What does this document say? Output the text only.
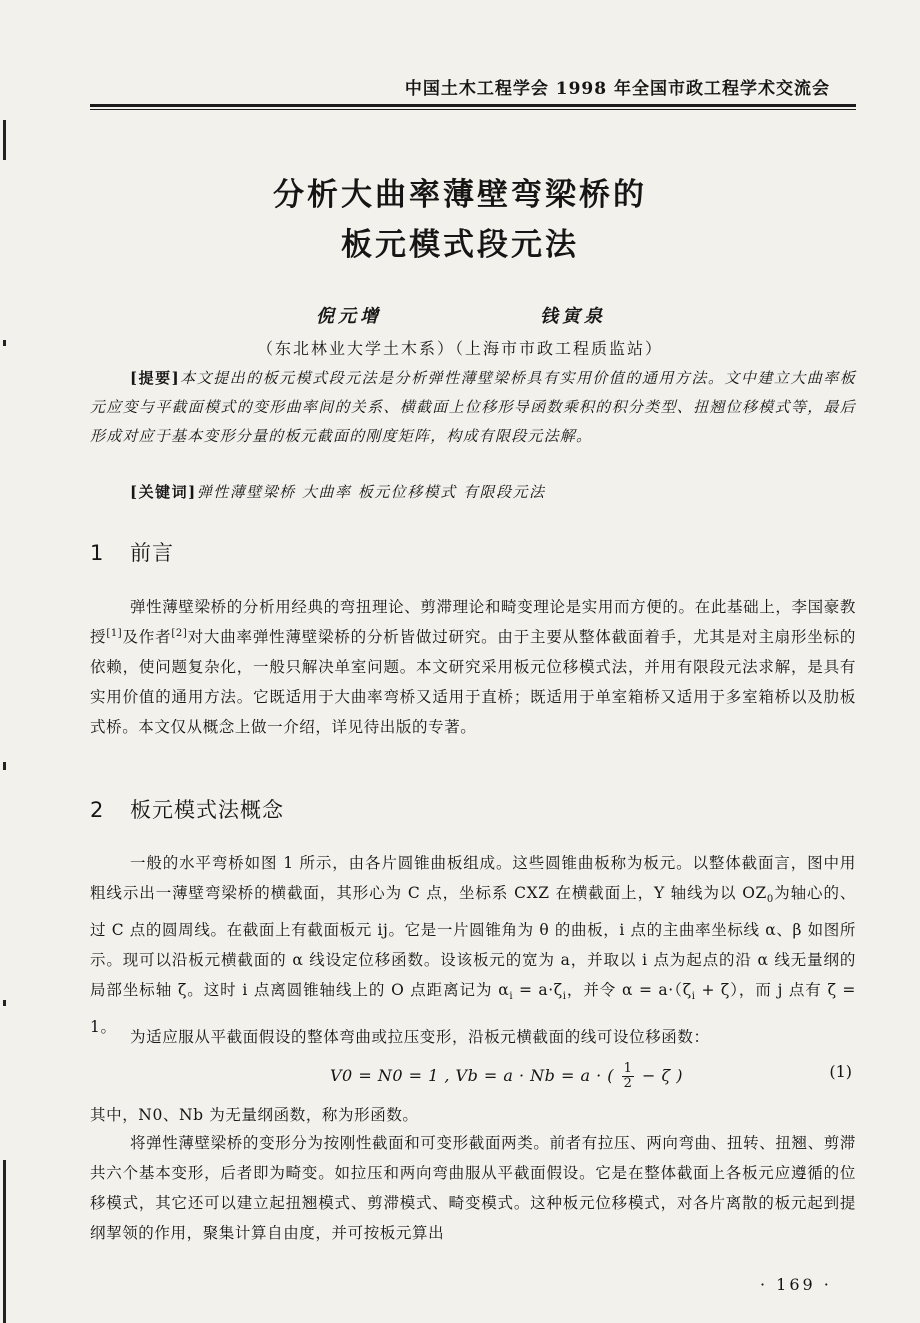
中国土木工程学会 1998 年全国市政工程学术交流会
分析大曲率薄壁弯梁桥的
板元模式段元法
倪元增	钱寅泉
（东北林业大学土木系）（上海市市政工程质监站）
[提要]本文提出的板元模式段元法是分析弹性薄壁梁桥具有实用价值的通用方法。文中建立大曲率板元应变与平截面模式的变形曲率间的关系、横截面上位移形导函数乘积的积分类型、扭翘位移模式等，最后形成对应于基本变形分量的板元截面的刚度矩阵，构成有限段元法解。
[关键词]弹性薄壁梁桥 大曲率 板元位移模式 有限段元法
1 前言
弹性薄壁梁桥的分析用经典的弯扭理论、剪滞理论和畸变理论是实用而方便的。在此基础上，李国豪教授[1]及作者[2]对大曲率弹性薄壁梁桥的分析皆做过研究。由于主要从整体截面着手，尤其是对主扇形坐标的依赖，使问题复杂化，一般只解决单室问题。本文研究采用板元位移模式法，并用有限段元法求解，是具有实用价值的通用方法。它既适用于大曲率弯桥又适用于直桥；既适用于单室箱桥又适用于多室箱桥以及肋板式桥。本文仅从概念上做一介绍，详见待出版的专著。
2 板元模式法概念
一般的水平弯桥如图 1 所示，由各片圆锥曲板组成。这些圆锥曲板称为板元。以整体截面言，图中用粗线示出一薄壁弯梁桥的横截面，其形心为 C 点，坐标系 CXZ 在横截面上，Y 轴线为以 $OZ_0$为轴心的、过 C 点的圆周线。在截面上有截面板元 ij。它是一片圆锥角为 θ 的曲板，i 点的主曲率坐标线 α、β 如图所示。现可以沿板元横截面的 α 线设定位移函数。设该板元的宽为 a，并取以 i 点为起点的沿 α 线无量纲的局部坐标轴 ζ。这时 i 点离圆锥轴线上的 O 点距离记为 $\alpha_i = a\cdot\zeta_i$，并令 $\alpha = a\cdot(\zeta_i + \zeta)$，而 j 点有 ζ = 1。
为适应服从平截面假设的整体弯曲或拉压变形，沿板元横截面的线可设位移函数：
V0 = N0 = 1 , Vb = a · Nb = a · ( $\frac{1}{2} - \zeta$ )	(1)
其中，N0、Nb 为无量纲函数，称为形函数。
将弹性薄壁梁桥的变形分为按刚性截面和可变形截面两类。前者有拉压、两向弯曲、扭转、扭翘、剪滞共六个基本变形，后者即为畸变。如拉压和两向弯曲服从平截面假设。它是在整体截面上各板元应遵循的位移模式，其它还可以建立起扭翘模式、剪滞模式、畸变模式。这种板元位移模式，对各片离散的板元起到提纲挈领的作用，聚集计算自由度，并可按板元算出
· 169 ·
